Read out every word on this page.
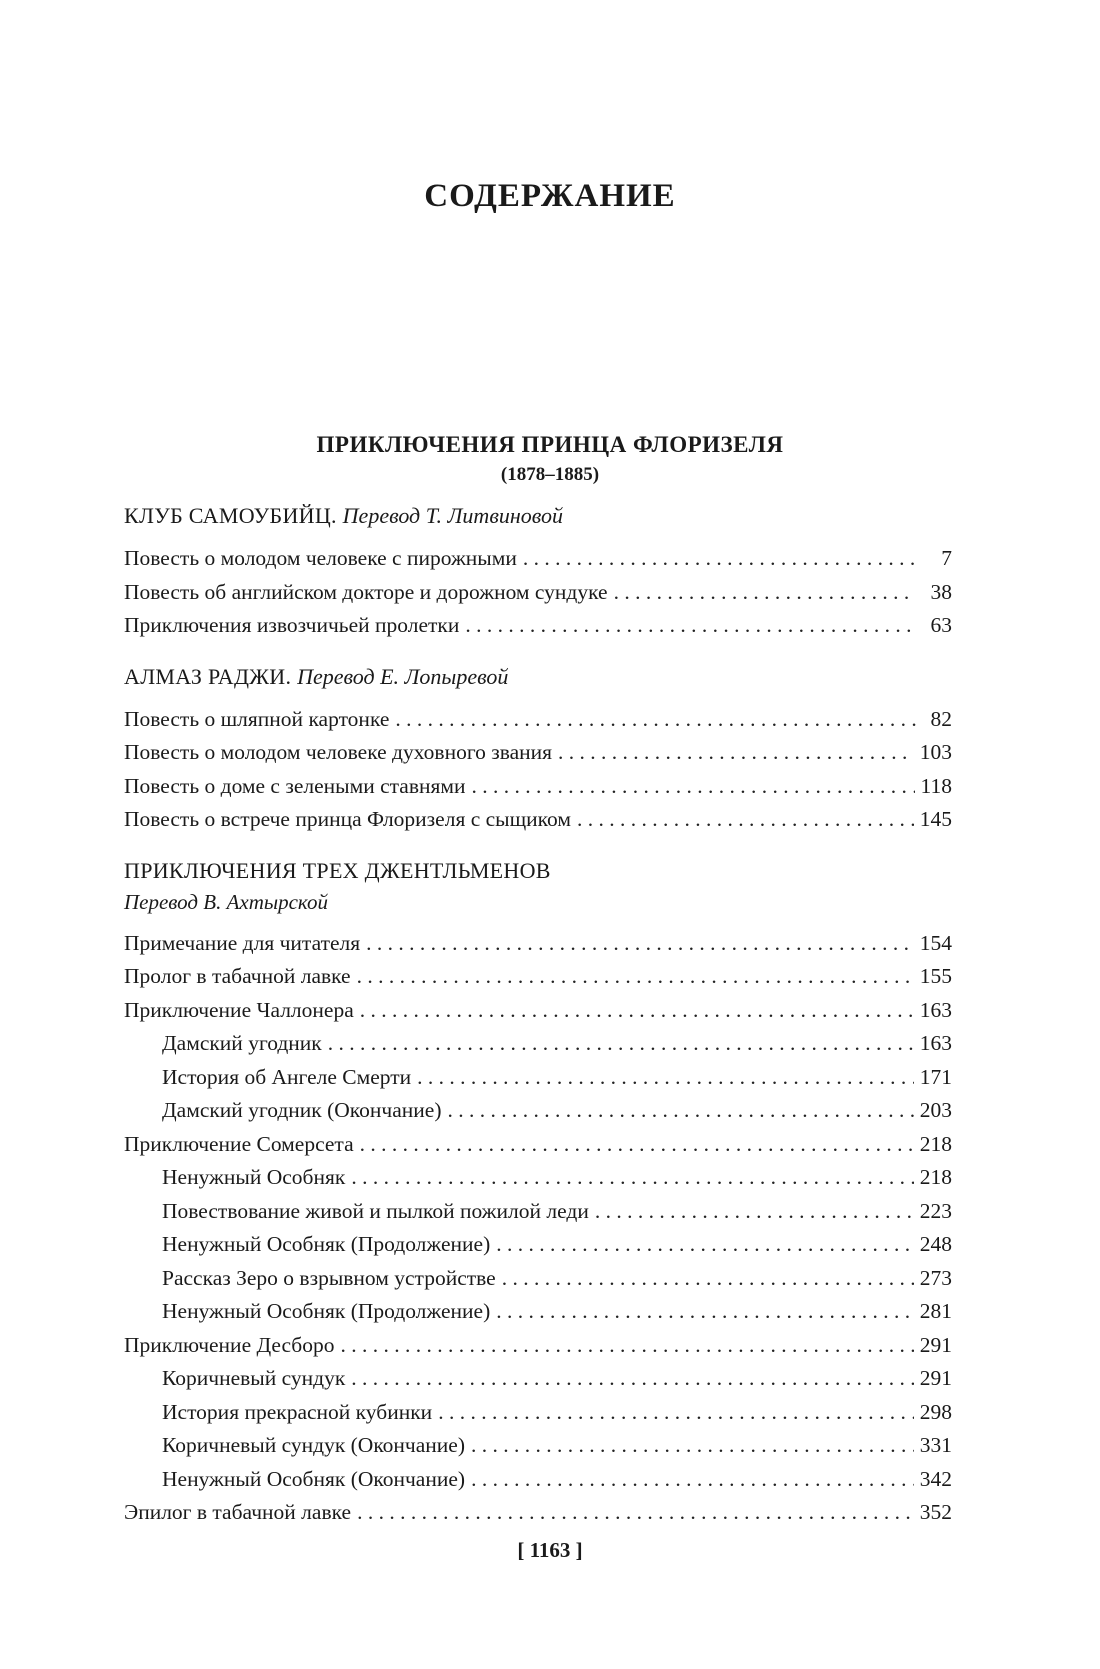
СОДЕРЖАНИЕ
ПРИКЛЮЧЕНИЯ ПРИНЦА ФЛОРИЗЕЛЯ
(1878–1885)
КЛУБ САМОУБИЙЦ. Перевод Т. Литвиновой
Повесть о молодом человеке с пирожными . . .	7
Повесть об английском докторе и дорожном сундуке . . .	38
Приключения извозчичьей пролетки . . .	63
АЛМАЗ РАДЖИ. Перевод Е. Лопыревой
Повесть о шляпной картонке . . .	82
Повесть о молодом человеке духовного звания . . .	103
Повесть о доме с зелеными ставнями . . .	118
Повесть о встрече принца Флоризеля с сыщиком . . .	145
ПРИКЛЮЧЕНИЯ ТРЕХ ДЖЕНТЛЬМЕНОВ
Перевод В. Ахтырской
Примечание для читателя . . .	154
Пролог в табачной лавке . . .	155
Приключение Чаллонера . . .	163
Дамский угодник . . .	163
История об Ангеле Смерти . . .	171
Дамский угодник (Окончание) . . .	203
Приключение Сомерсета . . .	218
Ненужный Особняк . . .	218
Повествование живой и пылкой пожилой леди . . .	223
Ненужный Особняк (Продолжение) . . .	248
Рассказ Зеро о взрывном устройстве . . .	273
Ненужный Особняк (Продолжение) . . .	281
Приключение Десборо . . .	291
Коричневый сундук . . .	291
История прекрасной кубинки . . .	298
Коричневый сундук (Окончание) . . .	331
Ненужный Особняк (Окончание) . . .	342
Эпилог в табачной лавке . . .	352
[ 1163 ]
